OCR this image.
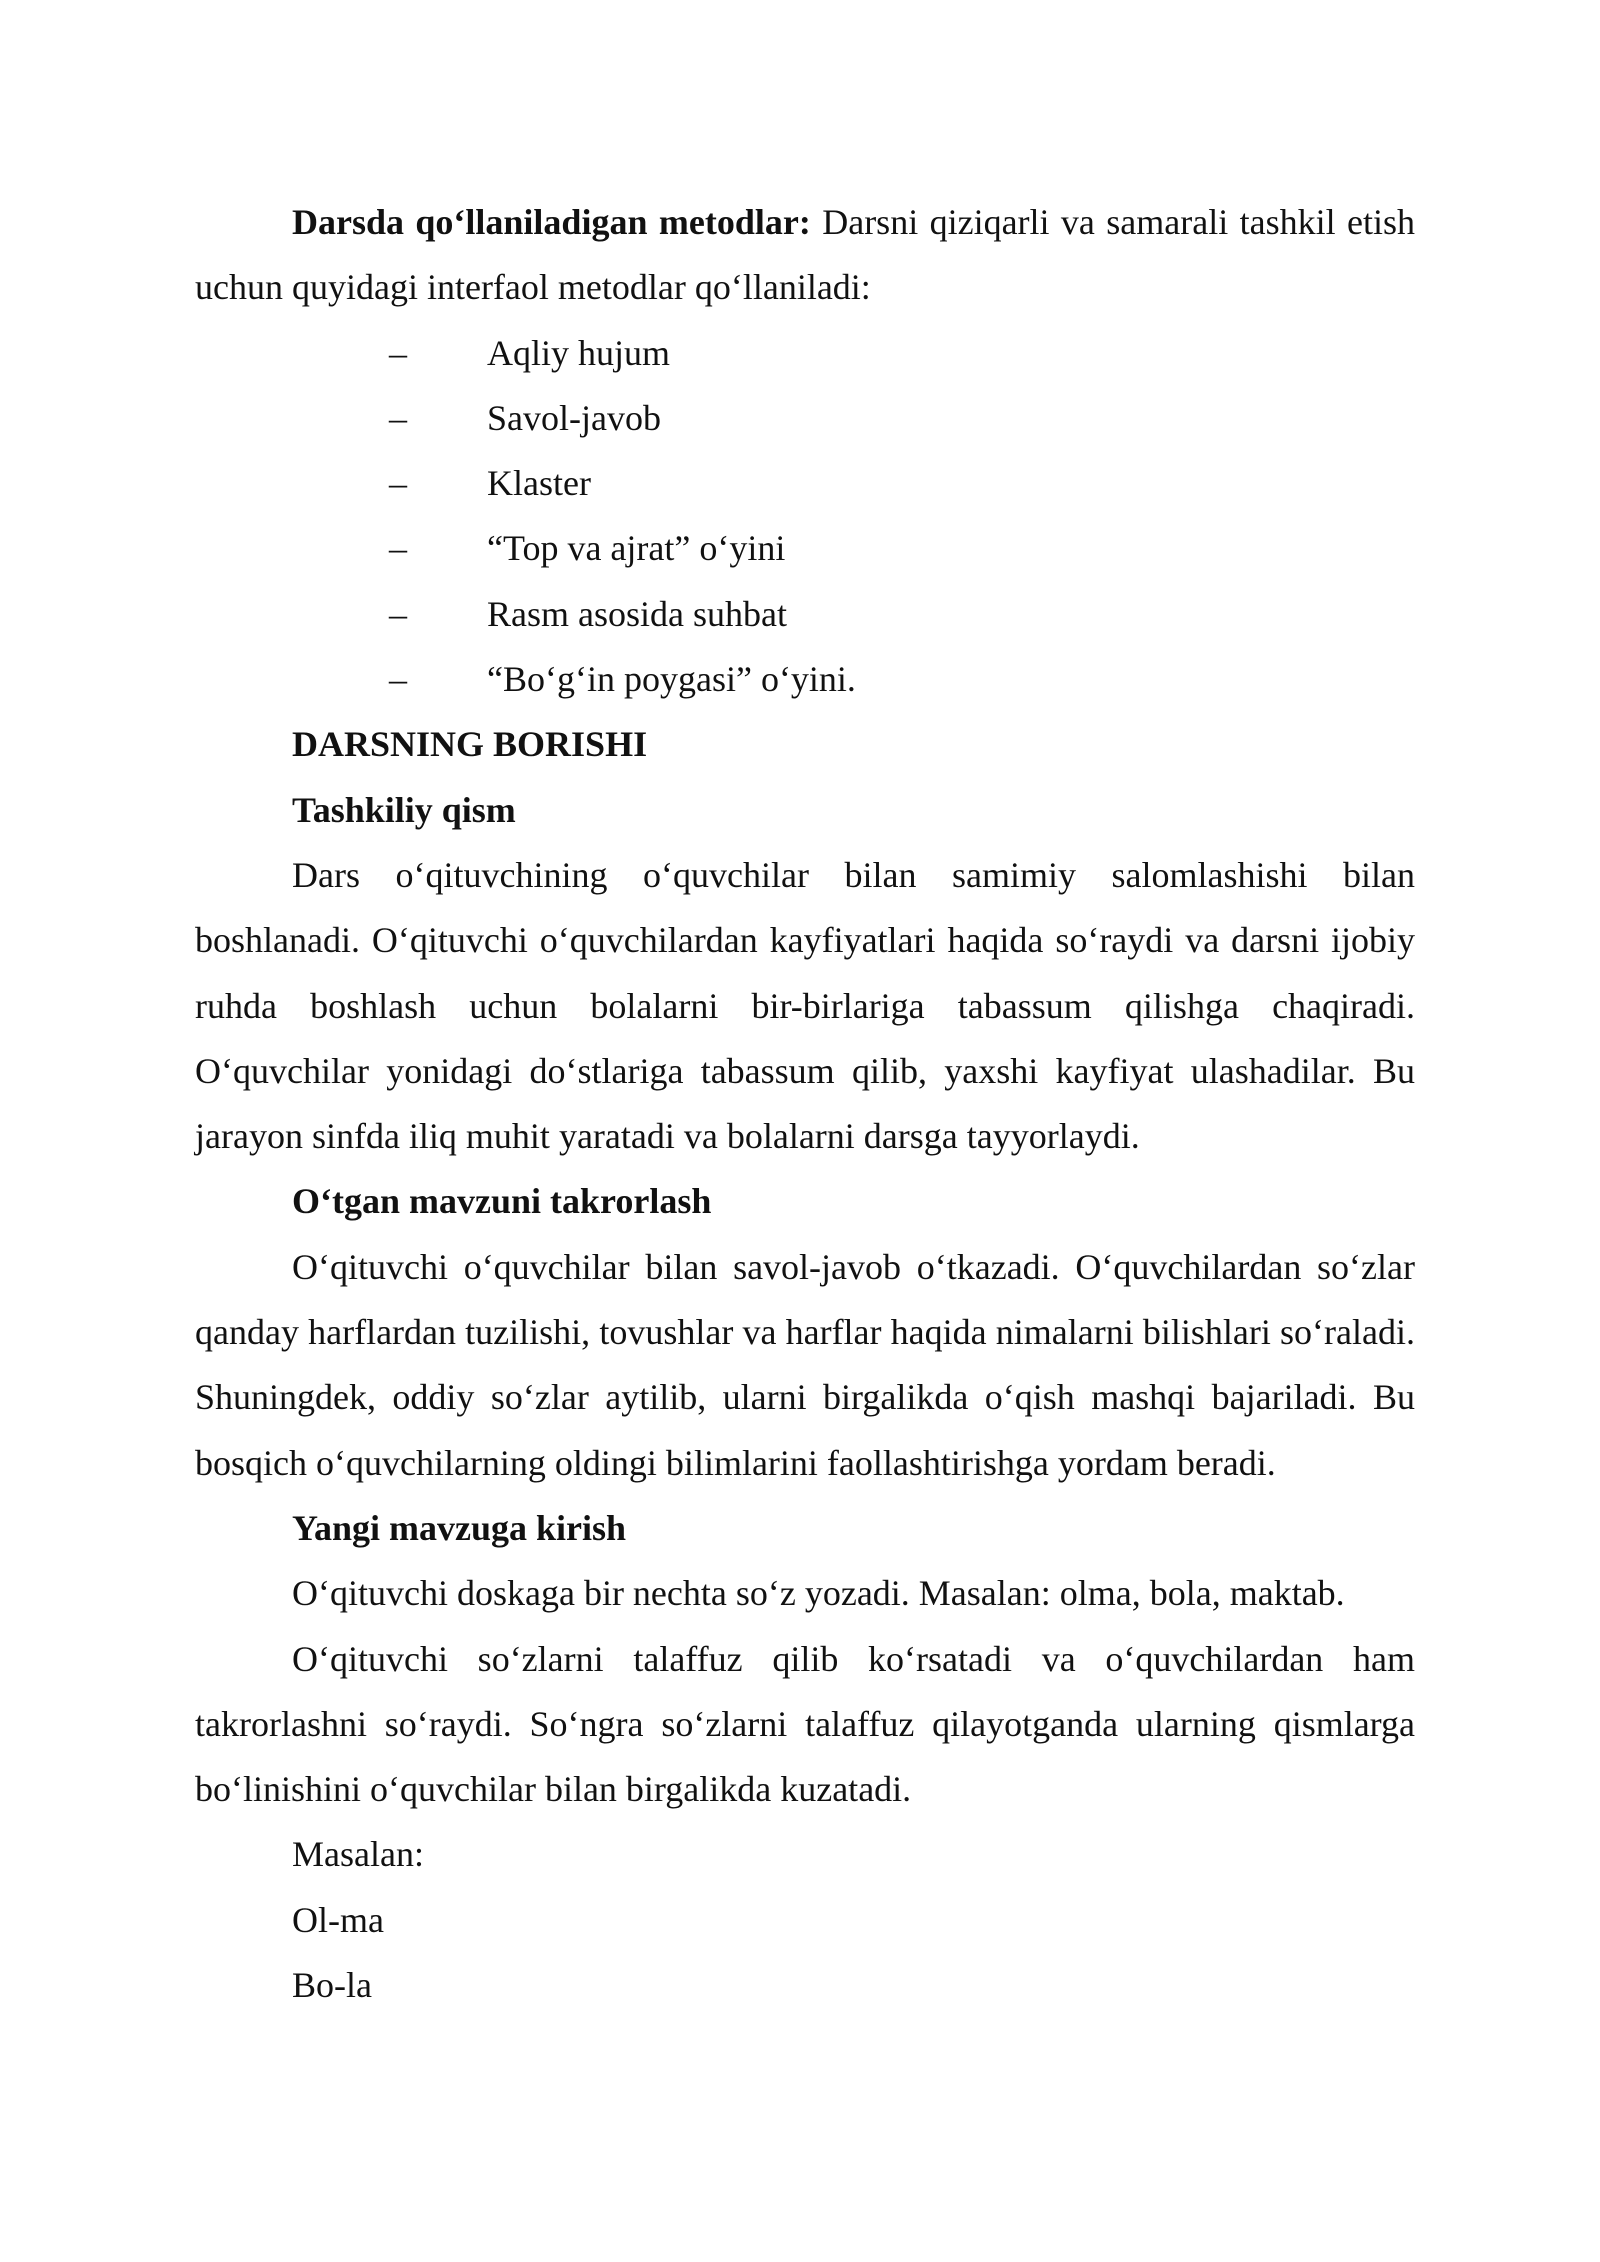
Darsda qo‘llaniladigan metodlar: Darsni qiziqarli va samarali tashkil etish uchun quyidagi interfaol metodlar qo‘llaniladi:

– Aqliy hujum
– Savol-javob
– Klaster
– “Top va ajrat” o‘yini
– Rasm asosida suhbat
– “Bo‘g‘in poygasi” o‘yini.

DARSNING BORISHI

Tashkiliy qism

Dars o‘qituvchining o‘quvchilar bilan samimiy salomlashishi bilan boshlanadi. O‘qituvchi o‘quvchilardan kayfiyatlari haqida so‘raydi va darsni ijobiy ruhda boshlash uchun bolalarni bir-birlariga tabassum qilishga chaqiradi. O‘quvchilar yonidagi do‘stlariga tabassum qilib, yaxshi kayfiyat ulashadilar. Bu jarayon sinfda iliq muhit yaratadi va bolalarni darsga tayyorlaydi.

O‘tgan mavzuni takrorlash

O‘qituvchi o‘quvchilar bilan savol-javob o‘tkazadi. O‘quvchilardan so‘zlar qanday harflardan tuzilishi, tovushlar va harflar haqida nimalarni bilishlari so‘raladi. Shuningdek, oddiy so‘zlar aytilib, ularni birgalikda o‘qish mashqi bajariladi. Bu bosqich o‘quvchilarning oldingi bilimlarini faollashtirishga yordam beradi.

Yangi mavzuga kirish

O‘qituvchi doskaga bir nechta so‘z yozadi. Masalan: olma, bola, maktab.

O‘qituvchi so‘zlarni talaffuz qilib ko‘rsatadi va o‘quvchilardan ham takrorlashni so‘raydi. So‘ngra so‘zlarni talaffuz qilayotganda ularning qismlarga bo‘linishini o‘quvchilar bilan birgalikda kuzatadi.

Masalan:

Ol-ma

Bo-la
